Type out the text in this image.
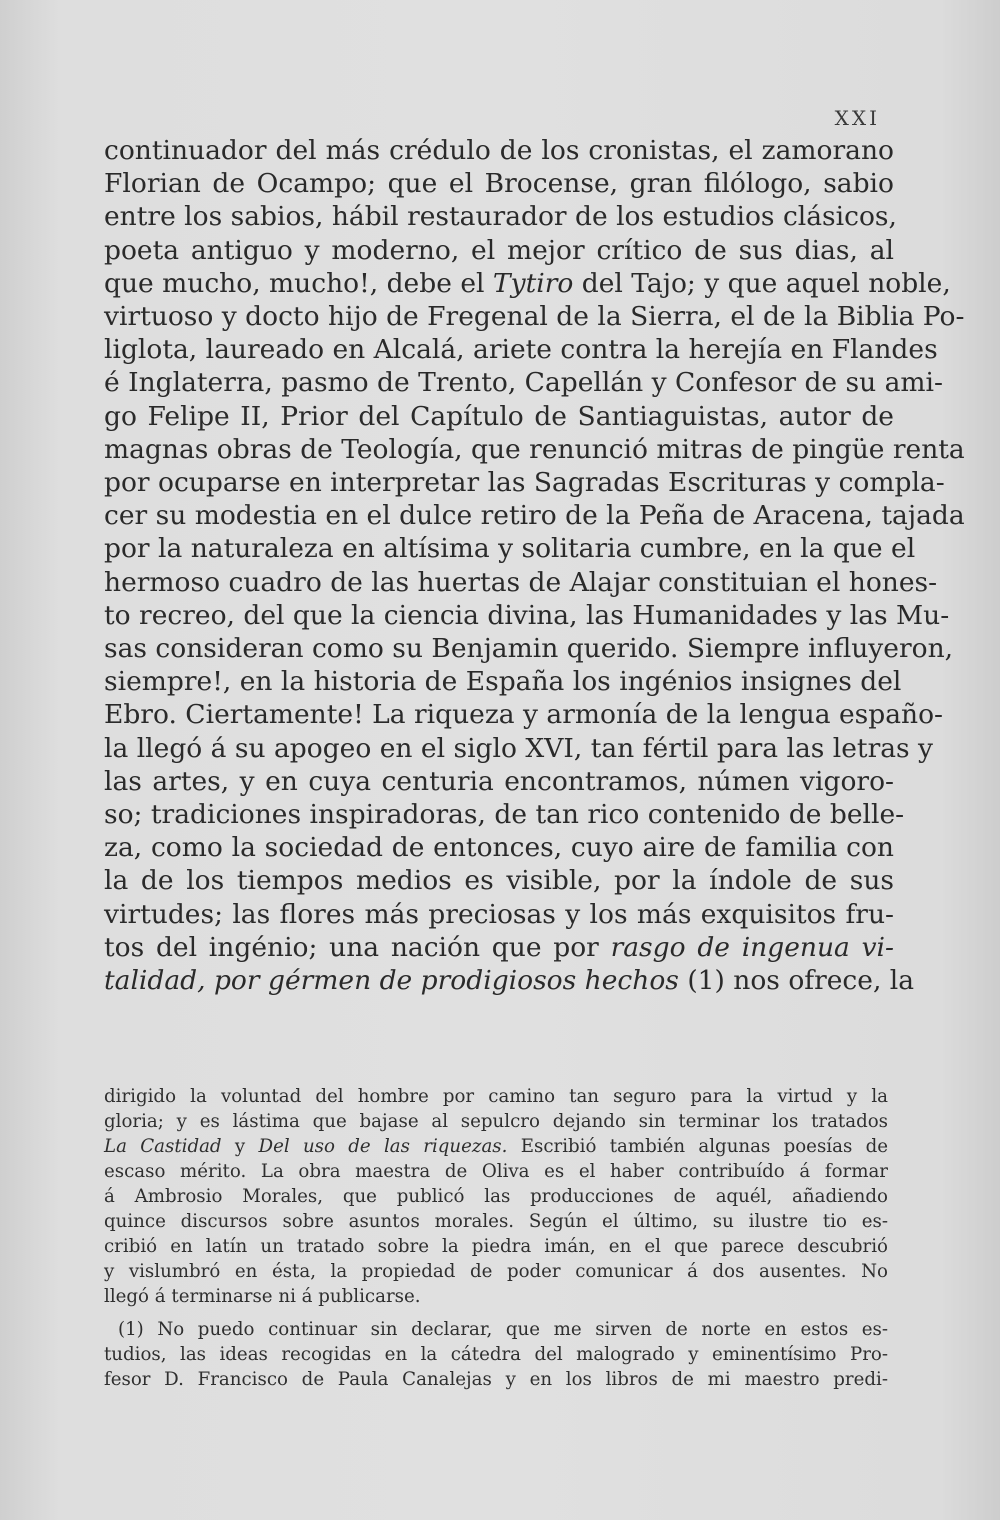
XXI
continuador del más crédulo de los cronistas, el zamorano
Florian de Ocampo; que el Brocense, gran filólogo, sabio
entre los sabios, hábil restaurador de los estudios clásicos,
poeta antiguo y moderno, el mejor crítico de sus dias, al
que mucho, mucho!, debe el Tytiro del Tajo; y que aquel noble,
virtuoso y docto hijo de Fregenal de la Sierra, el de la Biblia Po-
liglota, laureado en Alcalá, ariete contra la herejía en Flandes
é Inglaterra, pasmo de Trento, Capellán y Confesor de su ami-
go Felipe II, Prior del Capítulo de Santiaguistas, autor de
magnas obras de Teología, que renunció mitras de pingüe renta
por ocuparse en interpretar las Sagradas Escrituras y compla-
cer su modestia en el dulce retiro de la Peña de Aracena, tajada
por la naturaleza en altísima y solitaria cumbre, en la que el
hermoso cuadro de las huertas de Alajar constituian el hones-
to recreo, del que la ciencia divina, las Humanidades y las Mu-
sas consideran como su Benjamin querido. Siempre influyeron,
siempre!, en la historia de España los ingénios insignes del
Ebro. Ciertamente! La riqueza y armonía de la lengua españo-
la llegó á su apogeo en el siglo XVI, tan fértil para las letras y
las artes, y en cuya centuria encontramos, númen vigoro-
so; tradiciones inspiradoras, de tan rico contenido de belle-
za, como la sociedad de entonces, cuyo aire de familia con
la de los tiempos medios es visible, por la índole de sus
virtudes; las flores más preciosas y los más exquisitos fru-
tos del ingénio; una nación que por rasgo de ingenua vi-
talidad, por gérmen de prodigiosos hechos (1) nos ofrece, la
dirigido la voluntad del hombre por camino tan seguro para la virtud y la
gloria; y es lástima que bajase al sepulcro dejando sin terminar los tratados
La Castidad y Del uso de las riquezas. Escribió también algunas poesías de
escaso mérito. La obra maestra de Oliva es el haber contribuído á formar
á Ambrosio Morales, que publicó las producciones de aquél, añadiendo
quince discursos sobre asuntos morales. Según el último, su ilustre tio es-
cribió en latín un tratado sobre la piedra imán, en el que parece descubrió
y vislumbró en ésta, la propiedad de poder comunicar á dos ausentes. No
llegó á terminarse ni á publicarse.
(1) No puedo continuar sin declarar, que me sirven de norte en estos es-
tudios, las ideas recogidas en la cátedra del malogrado y eminentísimo Pro-
fesor D. Francisco de Paula Canalejas y en los libros de mi maestro predi-
